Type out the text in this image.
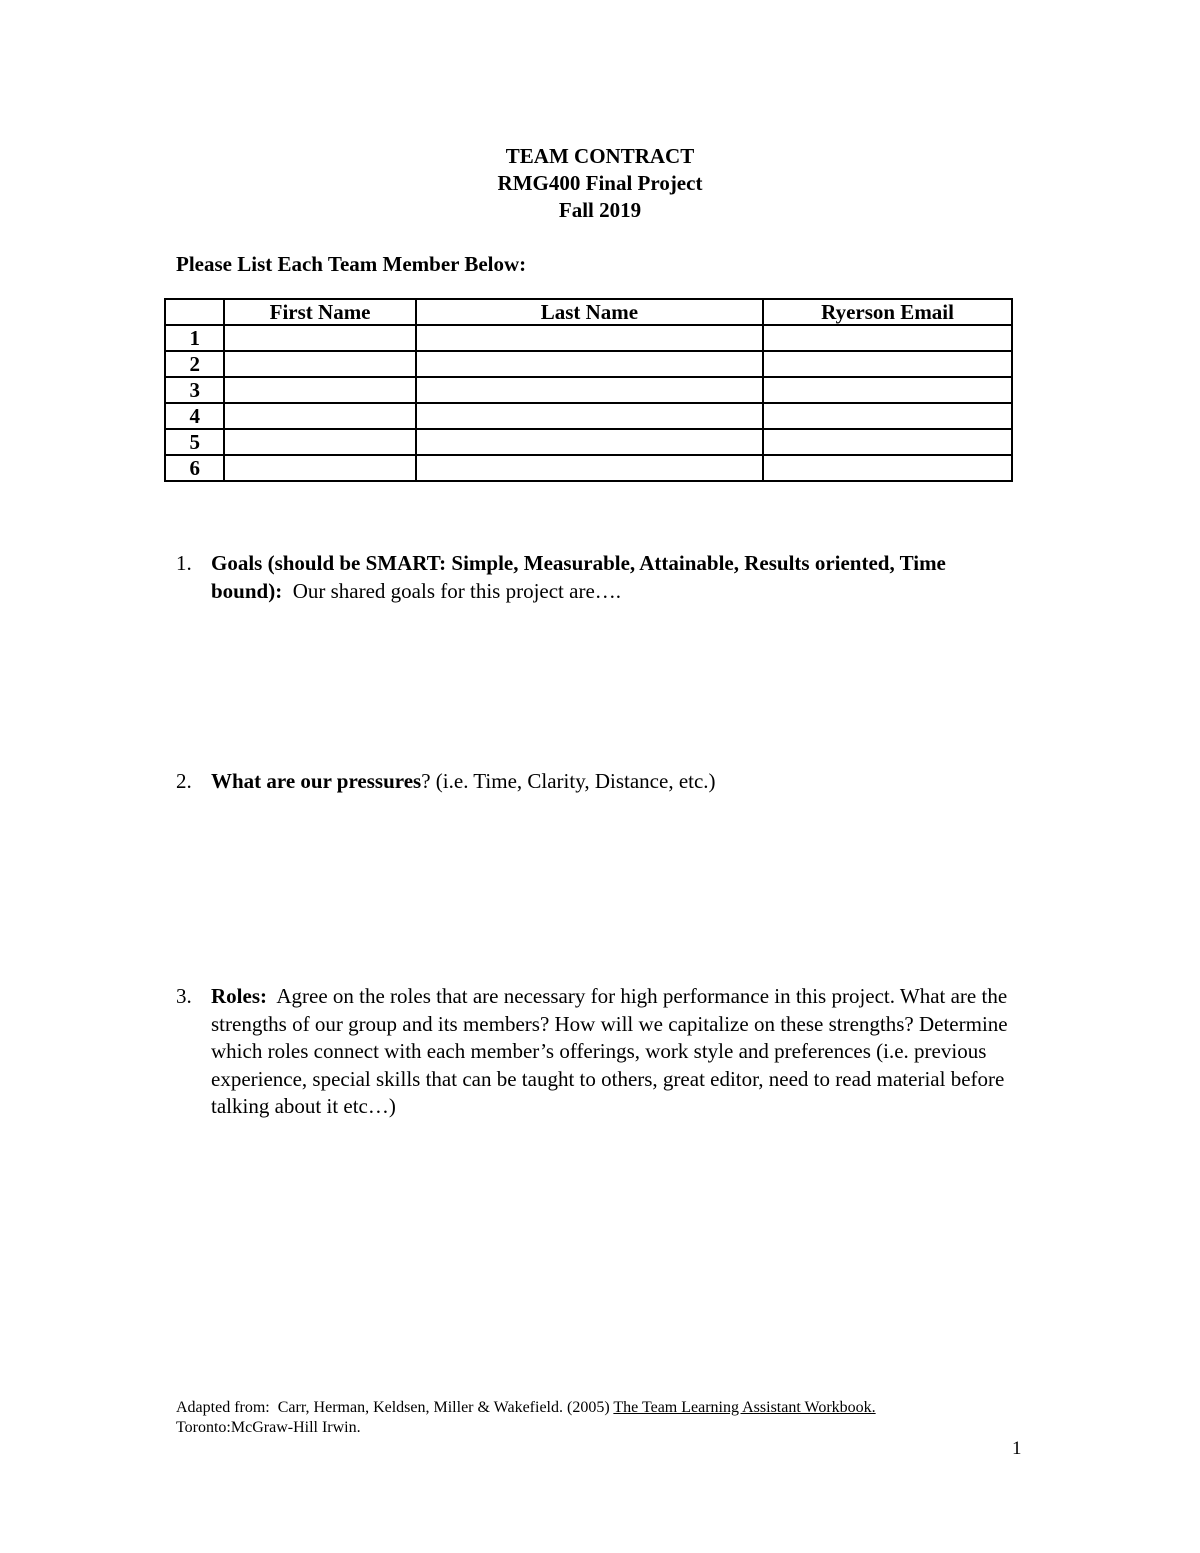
TEAM CONTRACT
RMG400 Final Project
Fall 2019
Please List Each Team Member Below:
	First Name	Last Name	Ryerson Email
1			
2			
3			
4			
5			
6			
1. Goals (should be SMART: Simple, Measurable, Attainable, Results oriented, Time bound):  Our shared goals for this project are….
2. What are our pressures? (i.e. Time, Clarity, Distance, etc.)
3. Roles:  Agree on the roles that are necessary for high performance in this project. What are the strengths of our group and its members? How will we capitalize on these strengths? Determine which roles connect with each member’s offerings, work style and preferences (i.e. previous experience, special skills that can be taught to others, great editor, need to read material before talking about it etc…)
Adapted from:  Carr, Herman, Keldsen, Miller & Wakefield. (2005) The Team Learning Assistant Workbook.
Toronto:McGraw-Hill Irwin.
1
